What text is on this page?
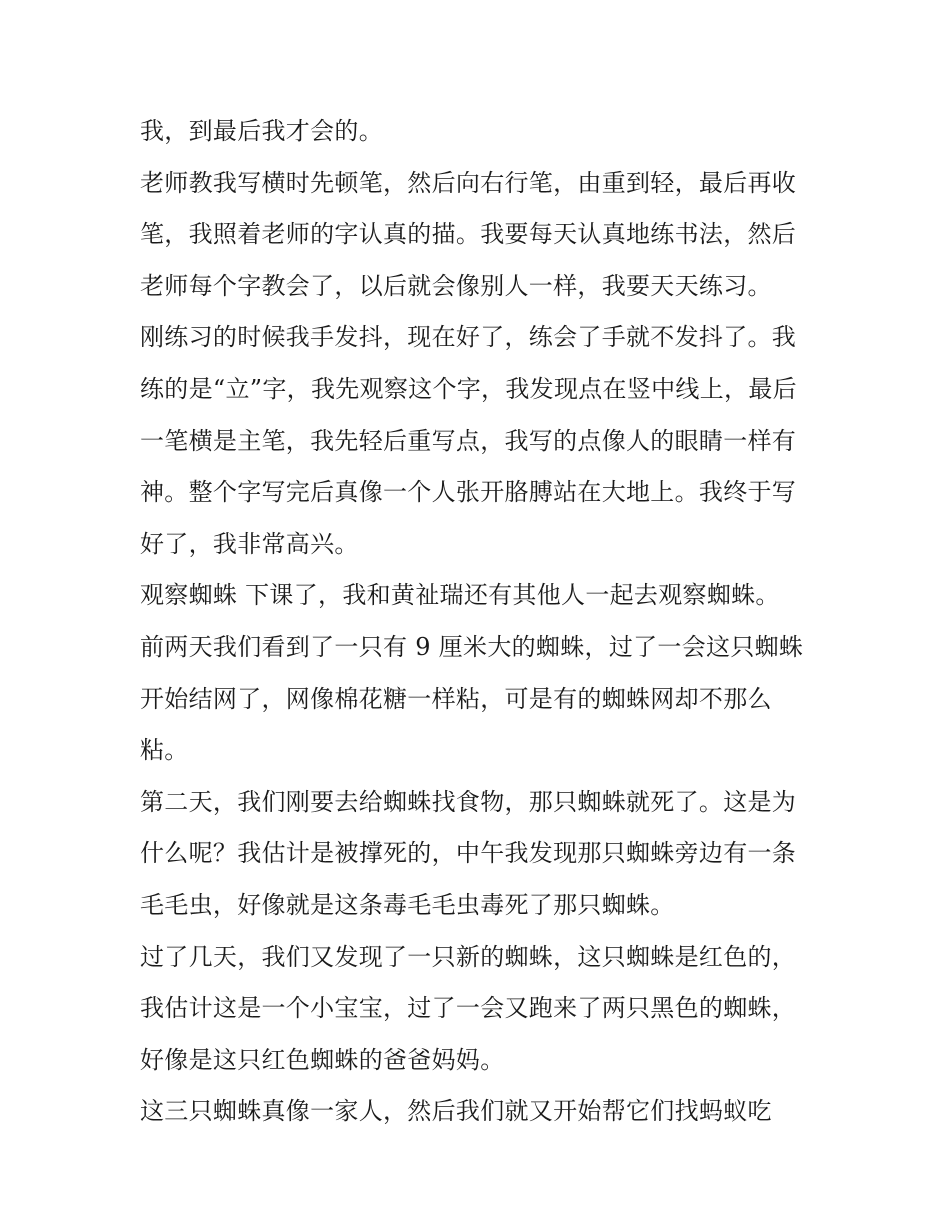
我，到最后我才会的。
老师教我写横时先顿笔，然后向右行笔，由重到轻，最后再收
笔，我照着老师的字认真的描。我要每天认真地练书法，然后
老师每个字教会了，以后就会像别人一样，我要天天练习。
刚练习的时候我手发抖，现在好了，练会了手就不发抖了。我
练的是“立”字，我先观察这个字，我发现点在竖中线上，最后
一笔横是主笔，我先轻后重写点，我写的点像人的眼睛一样有
神。整个字写完后真像一个人张开胳膊站在大地上。我终于写
好了，我非常高兴。
观察蜘蛛 下课了，我和黄祉瑞还有其他人一起去观察蜘蛛。
前两天我们看到了一只有 9 厘米大的蜘蛛，过了一会这只蜘蛛
开始结网了，网像棉花糖一样粘，可是有的蜘蛛网却不那么
粘。
第二天，我们刚要去给蜘蛛找食物，那只蜘蛛就死了。这是为
什么呢？我估计是被撑死的，中午我发现那只蜘蛛旁边有一条
毛毛虫，好像就是这条毒毛毛虫毒死了那只蜘蛛。
过了几天，我们又发现了一只新的蜘蛛，这只蜘蛛是红色的，
我估计这是一个小宝宝，过了一会又跑来了两只黑色的蜘蛛，
好像是这只红色蜘蛛的爸爸妈妈。
这三只蜘蛛真像一家人，然后我们就又开始帮它们找蚂蚁吃
